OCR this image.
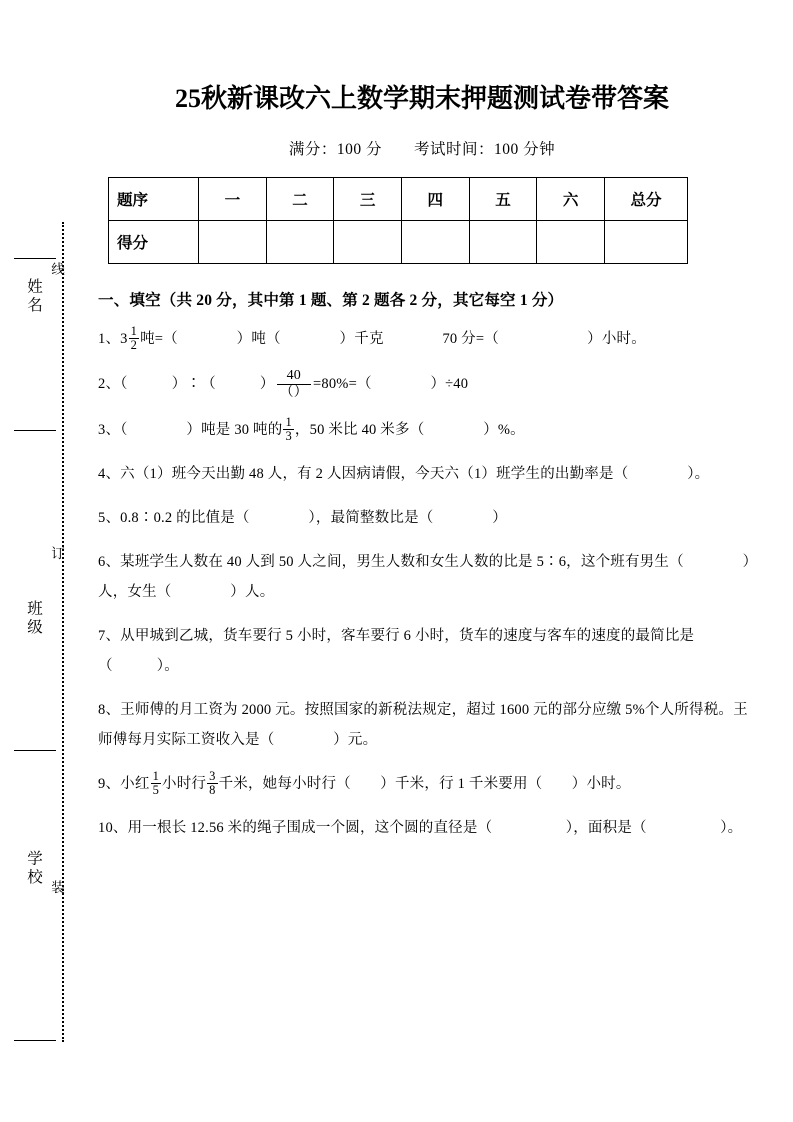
线
姓名
订
班级
装
学校
25秋新课改六上数学期末押题测试卷带答案
满分：100 分　　考试时间：100 分钟
题序	一	二	三	四	五	六	总分
得分							
一、填空（共 20 分，其中第 1 题、第 2 题各 2 分，其它每空 1 分）
1、$3 \frac{1}{2}$ 吨=（　　　　）吨（　　　　）千克　　　　70 分=（　　　　　　）小时。
2、（　　　）∶（　　　） $\frac{40}{()} =80\%=$（　　　　）÷40
3、（　　　　）吨是 30 吨的 $\frac{1}{3}$ ，50 米比 40 米多（　　　　）%。
4、六（1）班今天出勤 48 人，有 2 人因病请假，今天六（1）班学生的出勤率是（　　　　）。
5、0.8∶0.2 的比值是（　　　　），最简整数比是（　　　　）
6、某班学生人数在 40 人到 50 人之间，男生人数和女生人数的比是 5∶6，这个班有男生（　　　　）人，女生（　　　　）人。
7、从甲城到乙城，货车要行 5 小时，客车要行 6 小时，货车的速度与客车的速度的最简比是（　　　）。
8、王师傅的月工资为 2000 元。按照国家的新税法规定，超过 1600 元的部分应缴 5%个人所得税。王师傅每月实际工资收入是（　　　　）元。
9、小红 $\frac{1}{5}$ 小时行 $\frac{3}{8}$ 千米，她每小时行（　　）千米，行 1 千米要用（　　）小时。
10、用一根长 12.56 米的绳子围成一个圆，这个圆的直径是（　　　　　），面积是（　　　　　）。
